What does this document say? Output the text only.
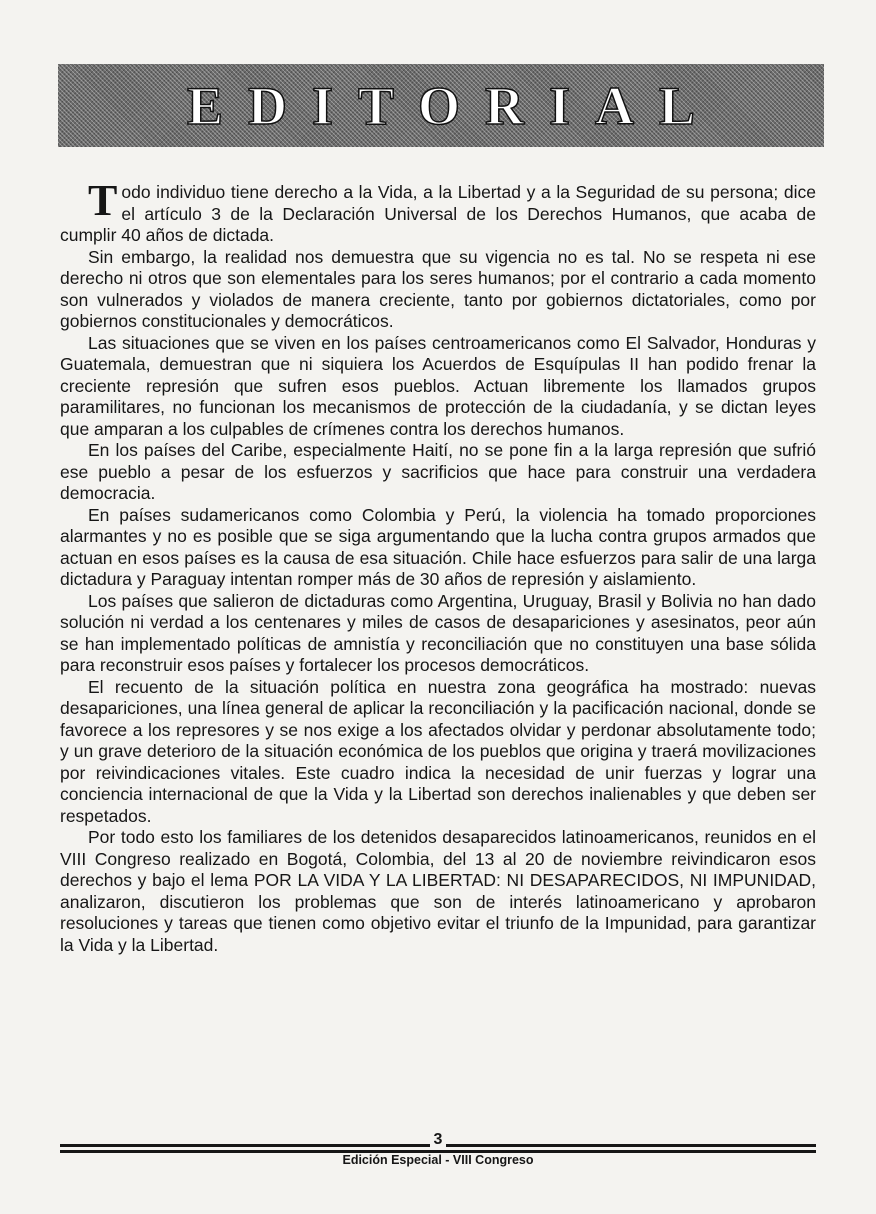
EDITORIAL

Todo individuo tiene derecho a la Vida, a la Libertad y a la Seguridad de su persona; dice el artículo 3 de la Declaración Universal de los Derechos Humanos, que acaba de cumplir 40 años de dictada.

Sin embargo, la realidad nos demuestra que su vigencia no es tal. No se respeta ni ese derecho ni otros que son elementales para los seres humanos; por el contrario a cada momento son vulnerados y violados de manera creciente, tanto por gobiernos dictatoriales, como por gobiernos constitucionales y democráticos.

Las situaciones que se viven en los países centroamericanos como El Salvador, Honduras y Guatemala, demuestran que ni siquiera los Acuerdos de Esquípulas II han podido frenar la creciente represión que sufren esos pueblos. Actuan libremente los llamados grupos paramilitares, no funcionan los mecanismos de protección de la ciudadanía, y se dictan leyes que amparan a los culpables de crímenes contra los derechos humanos.

En los países del Caribe, especialmente Haití, no se pone fin a la larga represión que sufrió ese pueblo a pesar de los esfuerzos y sacrificios que hace para construir una verdadera democracia.

En países sudamericanos como Colombia y Perú, la violencia ha tomado proporciones alarmantes y no es posible que se siga argumentando que la lucha contra grupos armados que actuan en esos países es la causa de esa situación. Chile hace esfuerzos para salir de una larga dictadura y Paraguay intentan romper más de 30 años de represión y aislamiento.

Los países que salieron de dictaduras como Argentina, Uruguay, Brasil y Bolivia no han dado solución ni verdad a los centenares y miles de casos de desapariciones y asesinatos, peor aún se han implementado políticas de amnistía y reconciliación que no constituyen una base sólida para reconstruir esos países y fortalecer los procesos democráticos.

El recuento de la situación política en nuestra zona geográfica ha mostrado: nuevas desapariciones, una línea general de aplicar la reconciliación y la pacificación nacional, donde se favorece a los represores y se nos exige a los afectados olvidar y perdonar absolutamente todo; y un grave deterioro de la situación económica de los pueblos que origina y traerá movilizaciones por reivindicaciones vitales. Este cuadro indica la necesidad de unir fuerzas y lograr una conciencia internacional de que la Vida y la Libertad son derechos inalienables y que deben ser respetados.

Por todo esto los familiares de los detenidos desaparecidos latinoamericanos, reunidos en el VIII Congreso realizado en Bogotá, Colombia, del 13 al 20 de noviembre reivindicaron esos derechos y bajo el lema POR LA VIDA Y LA LIBERTAD: NI DESAPARECIDOS, NI IMPUNIDAD, analizaron, discutieron los problemas que son de interés latinoamericano y aprobaron resoluciones y tareas que tienen como objetivo evitar el triunfo de la Impunidad, para garantizar la Vida y la Libertad.

3
Edición Especial - VIII Congreso
